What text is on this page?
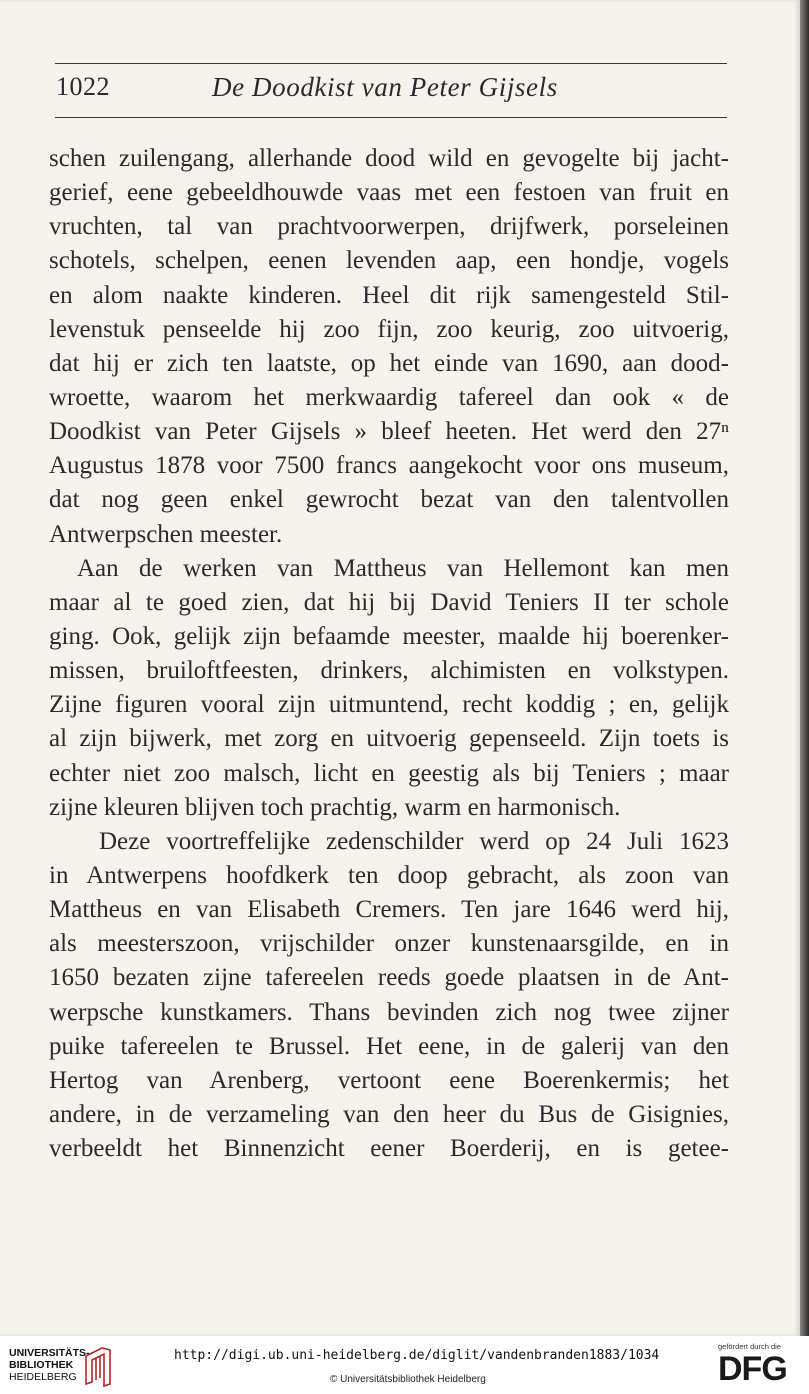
1022	De Doodkist van Peter Gijsels
schen zuilengang, allerhande dood wild en gevogelte bij jacht-
gerief, eene gebeeldhouwde vaas met een festoen van fruit en
vruchten, tal van prachtvoorwerpen, drijfwerk, porseleinen
schotels, schelpen, eenen levenden aap, een hondje, vogels
en alom naakte kinderen. Heel dit rijk samengesteld Stil-
levenstuk penseelde hij zoo fijn, zoo keurig, zoo uitvoerig,
dat hij er zich ten laatste, op het einde van 1690, aan dood-
wroette, waarom het merkwaardig tafereel dan ook « de
Doodkist van Peter Gijsels » bleef heeten. Het werd den 27ⁿ
Augustus 1878 voor 7500 francs aangekocht voor ons museum,
dat nog geen enkel gewrocht bezat van den talentvollen
Antwerpschen meester.
Aan de werken van Mattheus van Hellemont kan men
maar al te goed zien, dat hij bij David Teniers II ter schole
ging. Ook, gelijk zijn befaamde meester, maalde hij boerenker-
missen, bruiloftfeesten, drinkers, alchimisten en volkstypen.
Zijne figuren vooral zijn uitmuntend, recht koddig ; en, gelijk
al zijn bijwerk, met zorg en uitvoerig gepenseeld. Zijn toets is
echter niet zoo malsch, licht en geestig als bij Teniers ; maar
zijne kleuren blijven toch prachtig, warm en harmonisch.
Deze voortreffelijke zedenschilder werd op 24 Juli 1623
in Antwerpens hoofdkerk ten doop gebracht, als zoon van
Mattheus en van Elisabeth Cremers. Ten jare 1646 werd hij,
als meesterszoon, vrijschilder onzer kunstenaarsgilde, en in
1650 bezaten zijne tafereelen reeds goede plaatsen in de Ant-
werpsche kunstkamers. Thans bevinden zich nog twee zijner
puike tafereelen te Brussel. Het eene, in de galerij van den
Hertog van Arenberg, vertoont eene Boerenkermis; het
andere, in de verzameling van den heer du Bus de Gisignies,
verbeeldt het Binnenzicht eener Boerderij, en is getee-
UNIVERSITÄTS-
BIBLIOTHEK
HEIDELBERG
http://digi.ub.uni-heidelberg.de/diglit/vandenbranden1883/1034
© Universitätsbibliothek Heidelberg
gefördert durch die
DFG
